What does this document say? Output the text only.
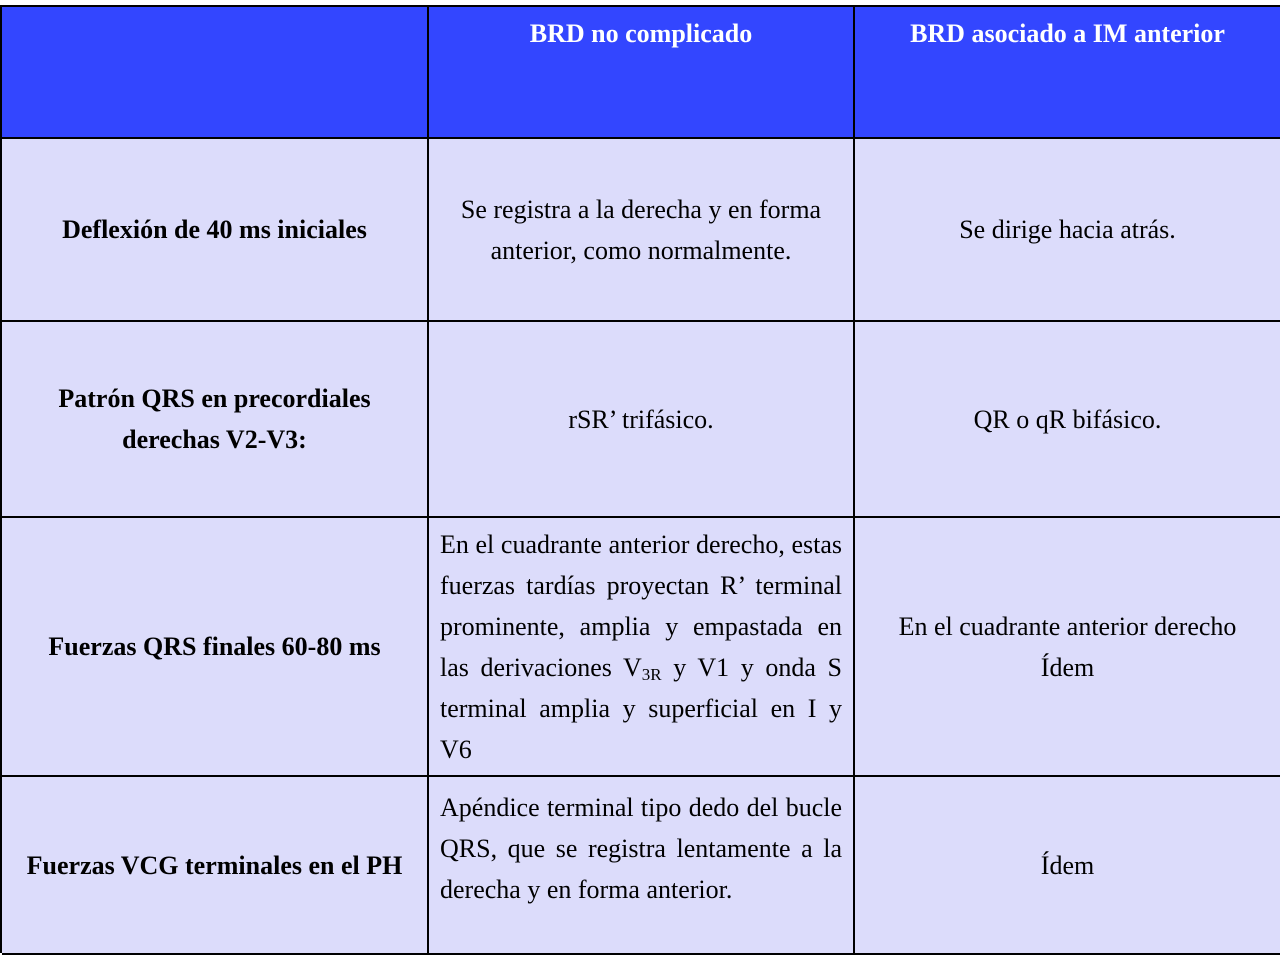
BRD no complicado	BRD asociado a IM anterior
Deflexión de 40 ms iniciales
Se registra a la derecha y en forma anterior, como normalmente.
Se dirige hacia atrás.
Patrón QRS en precordiales derechas V2-V3:
rSR’ trifásico.	QR o qR bifásico.
Fuerzas QRS finales 60-80 ms
En el cuadrante anterior derecho, estas fuerzas tardías proyectan R’ terminal prominente, amplia y empastada en las derivaciones $V_{3R}$ y V1 y onda S terminal amplia y superficial en I y V6
En el cuadrante anterior derecho
Ídem
Fuerzas VCG terminales en el PH
Apéndice terminal tipo dedo del bucle QRS, que se registra lentamente a la derecha y en forma anterior.
Ídem
